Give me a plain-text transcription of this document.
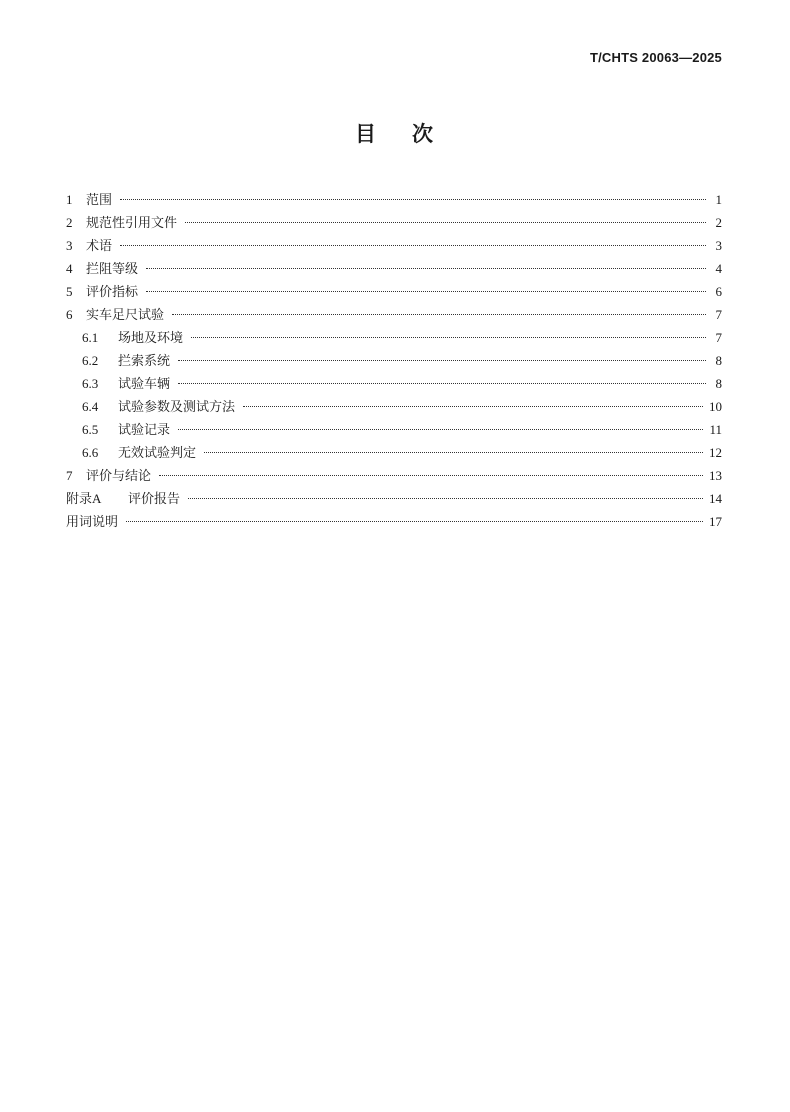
T/CHTS 20063—2025
目 次
1	范围	1
2	规范性引用文件	2
3	术语	3
4	拦阻等级	4
5	评价指标	6
6	实车足尺试验	7
6.1	场地及环境	7
6.2	拦索系统	8
6.3	试验车辆	8
6.4	试验参数及测试方法	10
6.5	试验记录	11
6.6	无效试验判定	12
7	评价与结论	13
附录A	评价报告	14
用词说明	17
